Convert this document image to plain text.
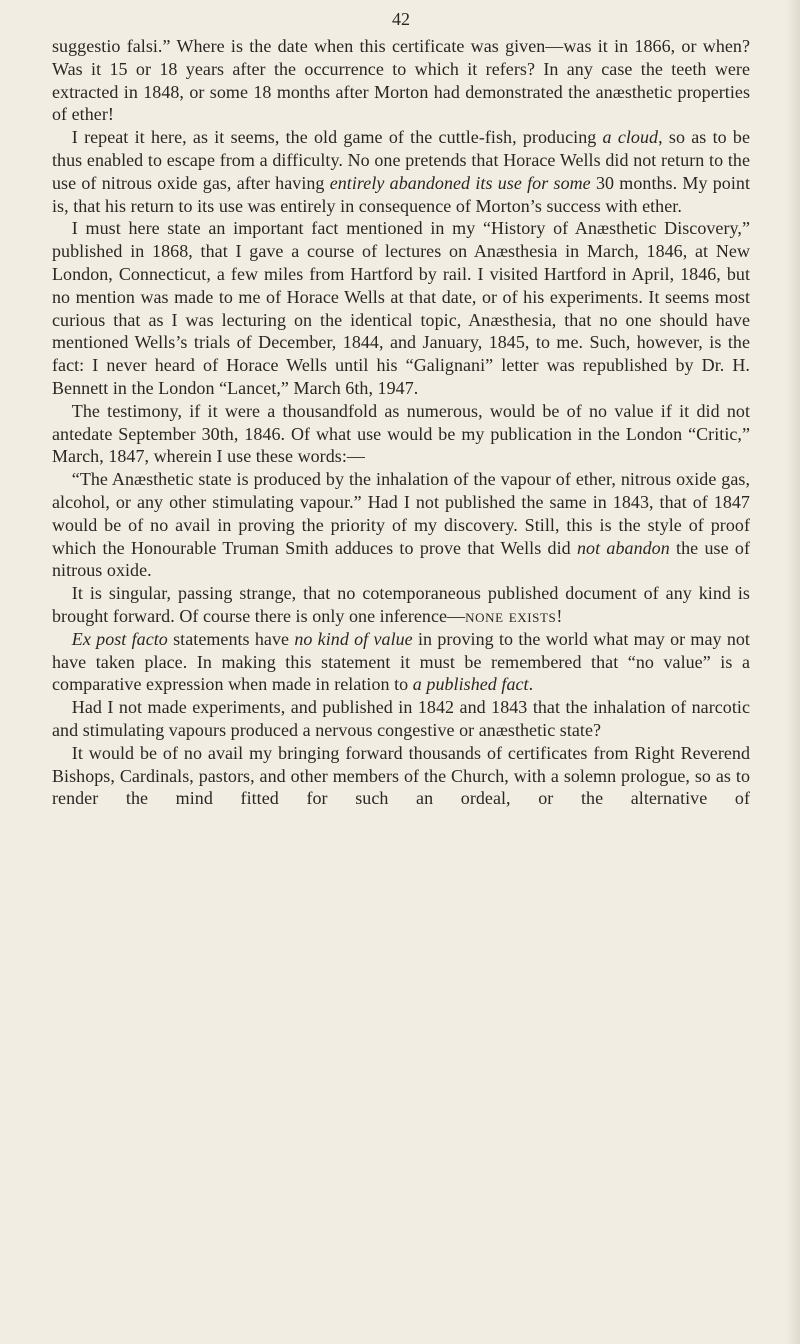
42

suggestio falsi.” Where is the date when this certificate was given—was it in 1866, or when? Was it 15 or 18 years after the occurrence to which it refers? In any case the teeth were extracted in 1848, or some 18 months after Morton had demonstrated the anæsthetic properties of ether!

I repeat it here, as it seems, the old game of the cuttle-fish, producing a cloud, so as to be thus enabled to escape from a difficulty. No one pretends that Horace Wells did not return to the use of nitrous oxide gas, after having entirely abandoned its use for some 30 months. My point is, that his return to its use was entirely in consequence of Morton’s success with ether.

I must here state an important fact mentioned in my “History of Anæsthetic Discovery,” published in 1868, that I gave a course of lectures on Anæsthesia in March, 1846, at New London, Connecticut, a few miles from Hartford by rail. I visited Hartford in April, 1846, but no mention was made to me of Horace Wells at that date, or of his experiments. It seems most curious that as I was lecturing on the identical topic, Anæsthesia, that no one should have mentioned Wells’s trials of December, 1844, and January, 1845, to me. Such, however, is the fact: I never heard of Horace Wells until his “Galignani” letter was republished by Dr. H. Bennett in the London “Lancet,” March 6th, 1947.

The testimony, if it were a thousandfold as numerous, would be of no value if it did not antedate September 30th, 1846. Of what use would be my publication in the London “Critic,” March, 1847, wherein I use these words:—

“The Anæsthetic state is produced by the inhalation of the vapour of ether, nitrous oxide gas, alcohol, or any other stimulating vapour.” Had I not published the same in 1843, that of 1847 would be of no avail in proving the priority of my discovery. Still, this is the style of proof which the Honourable Truman Smith adduces to prove that Wells did not abandon the use of nitrous oxide.

It is singular, passing strange, that no cotemporaneous published document of any kind is brought forward. Of course there is only one inference—none exists!

Ex post facto statements have no kind of value in proving to the world what may or may not have taken place. In making this statement it must be remembered that “no value” is a comparative expression when made in relation to a published fact.

Had I not made experiments, and published in 1842 and 1843 that the inhalation of narcotic and stimulating vapours produced a nervous congestive or anæsthetic state?

It would be of no avail my bringing forward thousands of certificates from Right Reverend Bishops, Cardinals, pastors, and other members of the Church, with a solemn prologue, so as to render the mind fitted for such an ordeal, or the alternative of
